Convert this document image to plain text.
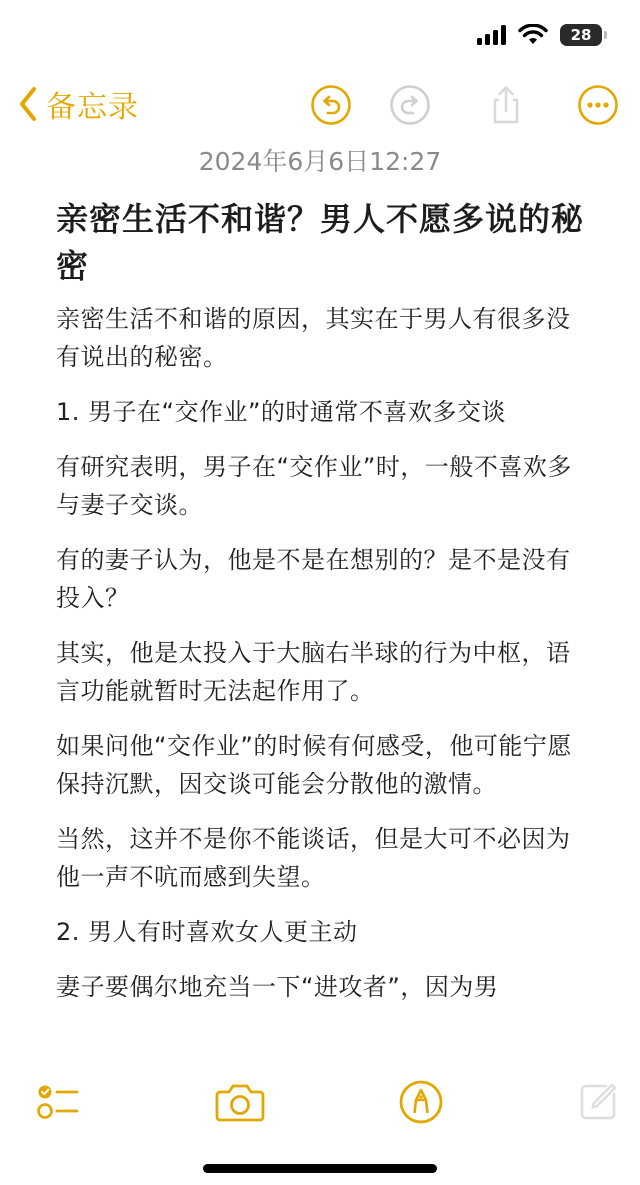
28
备忘录
2024年6月6日12:27
亲密生活不和谐？男人不愿多说的秘密

亲密生活不和谐的原因，其实在于男人有很多没有说出的秘密。

1. 男子在“交作业”的时通常不喜欢多交谈

有研究表明，男子在“交作业”时，一般不喜欢多与妻子交谈。

有的妻子认为，他是不是在想别的？是不是没有投入？

其实，他是太投入于大脑右半球的行为中枢，语言功能就暂时无法起作用了。

如果问他“交作业”的时候有何感受，他可能宁愿保持沉默，因交谈可能会分散他的激情。

当然，这并不是你不能谈话，但是大可不必因为他一声不吭而感到失望。

2. 男人有时喜欢女人更主动

妻子要偶尔地充当一下“进攻者”，因为男
